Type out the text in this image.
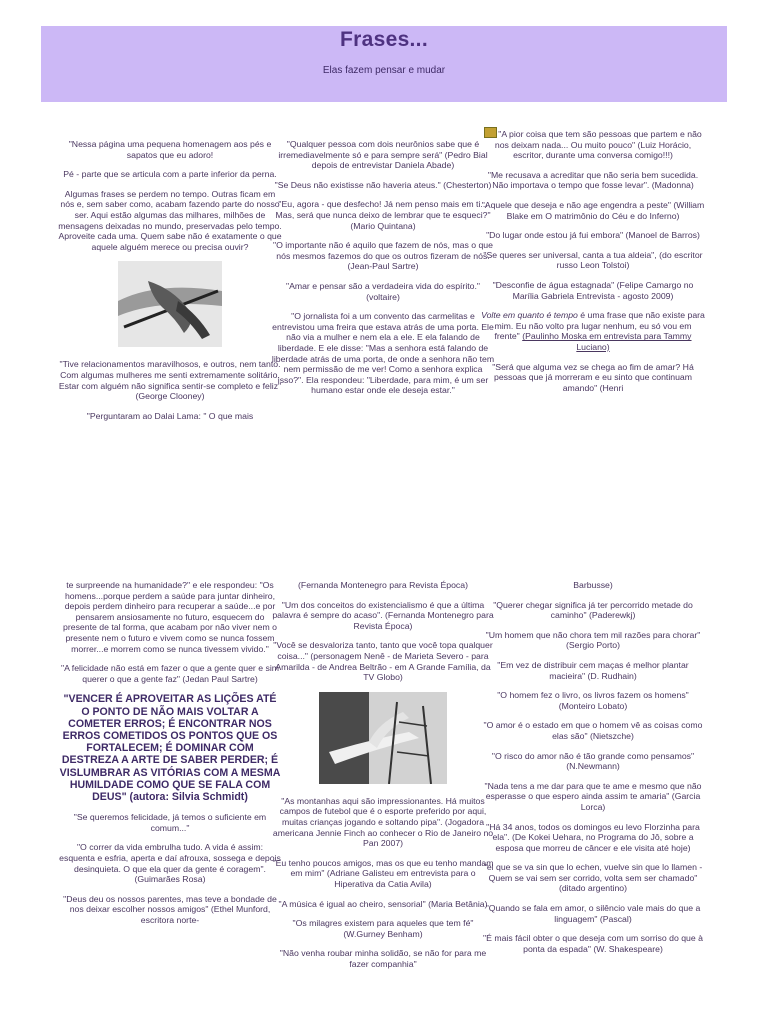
Frases...
Elas fazem pensar e mudar

"Nessa página uma pequena homenagem aos pés e sapatos que eu adoro!

Pé - parte que se articula com a parte inferior da perna.

Algumas frases se perdem no tempo. Outras ficam em nós e, sem saber como, acabam fazendo parte do nosso ser. Aqui estão algumas das milhares, milhões de mensagens deixadas no mundo, preservadas pelo tempo. Aproveite cada uma. Quem sabe não é exatamente o que aquele alguém merece ou precisa ouvir?

"Tive relacionamentos maravilhosos, e outros, nem tanto. Com algumas mulheres me senti extremamente solitário. Estar com alguém não significa sentir-se completo e feliz" (George Clooney)

"Perguntaram ao Dalai Lama: " O que mais

"Qualquer pessoa com dois neurônios sabe que é irremediavelmente só e para sempre será" (Pedro Bial depois de entrevistar Daniela Abade)

"Se Deus não existisse não haveria ateus." (Chesterton)

"Eu, agora - que desfecho! Já nem penso mais em ti... Mas, será que nunca deixo de lembrar que te esqueci?" (Mario Quintana)

"O importante não é aquilo que fazem de nós, mas o que nós mesmos fazemos do que os outros fizeram de nós. (Jean-Paul Sartre)

"Amar e pensar são a verdadeira vida do espírito."(voltaire)

"O jornalista foi a um convento das carmelitas e entrevistou uma freira que estava atrás de uma porta. Ele não via a mulher e nem ela a ele. E ela falando de liberdade. E ele disse: "Mas a senhora está falando de liberdade atrás de uma porta, de onde a senhora não tem nem permissão de me ver! Como a senhora explica isso?". Ela respondeu: "Liberdade, para mim, é um ser humano estar onde ele deseja estar."

"A pior coisa que tem são pessoas que partem e não nos deixam nada... Ou muito pouco" (Luiz Horácio, escritor, durante uma conversa comigo!!!)

"Me recusava a acreditar que não seria bem sucedida. Não importava o tempo que fosse levar". (Madonna)

"Aquele que deseja e não age engendra a peste" (William Blake em O matrimônio do Céu e do Inferno)

"Do lugar onde estou já fui embora" (Manoel de Barros)

"Se queres ser universal, canta a tua aldeia", (do escritor russo Leon Tolstoi)

"Desconfie de água estagnada" (Felipe Camargo no Marília Gabriela Entrevista - agosto 2009)

Volte em quanto é tempo é uma frase que não existe para mim. Eu não volto pra lugar nenhum, eu só vou em frente" (Paulinho Moska em entrevista para Tammy Luciano)

"Será que alguma vez se chega ao fim de amar? Há pessoas que já morreram e eu sinto que continuam amando" (Henri

te surpreende na humanidade?" e ele respondeu: "Os homens...porque perdem a saúde para juntar dinheiro, depois perdem dinheiro para recuperar a saúde...e por pensarem ansiosamente no futuro, esquecem do presente de tal forma, que acabam por não viver nem o presente nem o futuro e vivem como se nunca fossem morrer...e morrem como se nunca tivessem vivido."

"A felicidade não está em fazer o que a gente quer e sim querer o que a gente faz" (Jedan Paul Sartre)

"VENCER É APROVEITAR AS LIÇÕES ATÉ O PONTO DE NÃO MAIS VOLTAR A COMETER ERROS; É ENCONTRAR NOS ERROS COMETIDOS OS PONTOS QUE OS FORTALECEM; É DOMINAR COM DESTREZA A ARTE DE SABER PERDER; É VISLUMBRAR AS VITÓRIAS COM A MESMA HUMILDADE COMO QUE SE FALA COM DEUS" (autora: Silvia Schmidt)

"Se queremos felicidade, já temos o suficiente em comum..."

"O correr da vida embrulha tudo. A vida é assim: esquenta e esfria, aperta e daí afrouxa, sossega e depois desinquieta. O que ela quer da gente é coragem". (Guimarães Rosa)

"Deus deu os nossos parentes, mas teve a bondade de nos deixar escolher nossos amigos" (Ethel Munford, escritora norte-

(Fernanda Montenegro para Revista Época)

"Um dos conceitos do existencialismo é que a última palavra é sempre do acaso". (Fernanda Montenegro para Revista Época)

"Você se desvaloriza tanto, tanto que você topa qualquer coisa..." (personagem Nenê - de Marieta Severo - para Amarilda - de Andrea Beltrão - em A Grande Família, da TV Globo)

"As montanhas aqui são impressionantes. Há muitos campos de futebol que é o esporte preferido por aqui, muitas crianças jogando e soltando pipa". (Jogadora americana Jennie Finch ao conhecer o Rio de Janeiro no Pan 2007)

"Eu tenho poucos amigos, mas os que eu tenho mandam em mim" (Adriane Galisteu em entrevista para o Hiperativa da Catia Avila)

"A música é igual ao cheiro, sensorial" (Maria Betânia)

"Os milagres existem para aqueles que tem fé" (W.Gurney Benham)

"Não venha roubar minha solidão, se não for para me fazer companhia"

Barbusse)

"Querer chegar significa já ter percorrido metade do caminho" (Paderewkj)

"Um homem que não chora tem mil razões para chorar" (Sergio Porto)

"Em vez de distribuir cem maças é melhor plantar macieira" (D. Rudhain)

"O homem fez o livro, os livros fazem os homens" (Monteiro Lobato)

"O amor é o estado em que o homem vê as coisas como elas são" (Nietszche)

"O risco do amor não é tão grande como pensamos" (N.Newmann)

"Nada tens a me dar para que te ame e mesmo que não esperasse o que espero ainda assim te amaria" (Garcia Lorca)

"Há 34 anos, todos os domingos eu levo Florzinha para ela". (De Kokei Uehara, no Programa do Jô, sobre a esposa que morreu de câncer e ele visita até hoje)

"el que se va sin que lo echen, vuelve sin que lo llamen - Quem se vai sem ser corrido, volta sem ser chamado" (ditado argentino)

"Quando se fala em amor, o silêncio vale mais do que a linguagem" (Pascal)

"É mais fácil obter o que deseja com um sorriso do que à ponta da espada" (W. Shakespeare)
